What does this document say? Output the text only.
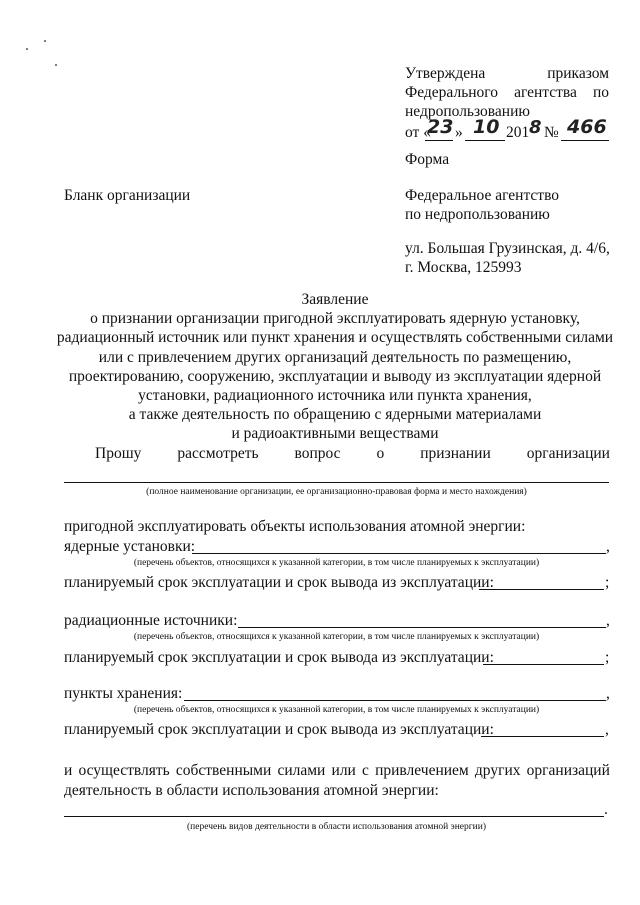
Утверждена	приказом
Федерального агентства по
недропользованию
от «
23 » 10 201 8 № 466
Форма
Бланк организации	Федеральное агентство
по недропользованию
ул. Большая Грузинская, д. 4/6,
г. Москва, 125993
Заявление
о признании организации пригодной эксплуатировать ядерную установку,
радиационный источник или пункт хранения и осуществлять собственными силами
или с привлечением других организаций деятельность по размещению,
проектированию, сооружению, эксплуатации и выводу из эксплуатации ядерной
установки, радиационного источника или пункта хранения,
а также деятельность по обращению с ядерными материалами
и радиоактивными веществами
Прошу рассмотреть вопрос о признании организации
(полное наименование организации, ее организационно-правовая форма и место нахождения)
пригодной эксплуатировать объекты использования атомной энергии:
ядерные установки:	,
(перечень объектов, относящихся к указанной категории, в том числе планируемых к эксплуатации)
планируемый срок эксплуатации и срок вывода из эксплуатации:	;
радиационные источники:	,
(перечень объектов, относящихся к указанной категории, в том числе планируемых к эксплуатации)
планируемый срок эксплуатации и срок вывода из эксплуатации:	;
пункты хранения:	,
(перечень объектов, относящихся к указанной категории, в том числе планируемых к эксплуатации)
планируемый срок эксплуатации и срок вывода из эксплуатации:	,
и осуществлять собственными силами или с привлечением других организаций
деятельность в области использования атомной энергии:
.
(перечень видов деятельности в области использования атомной энергии)
